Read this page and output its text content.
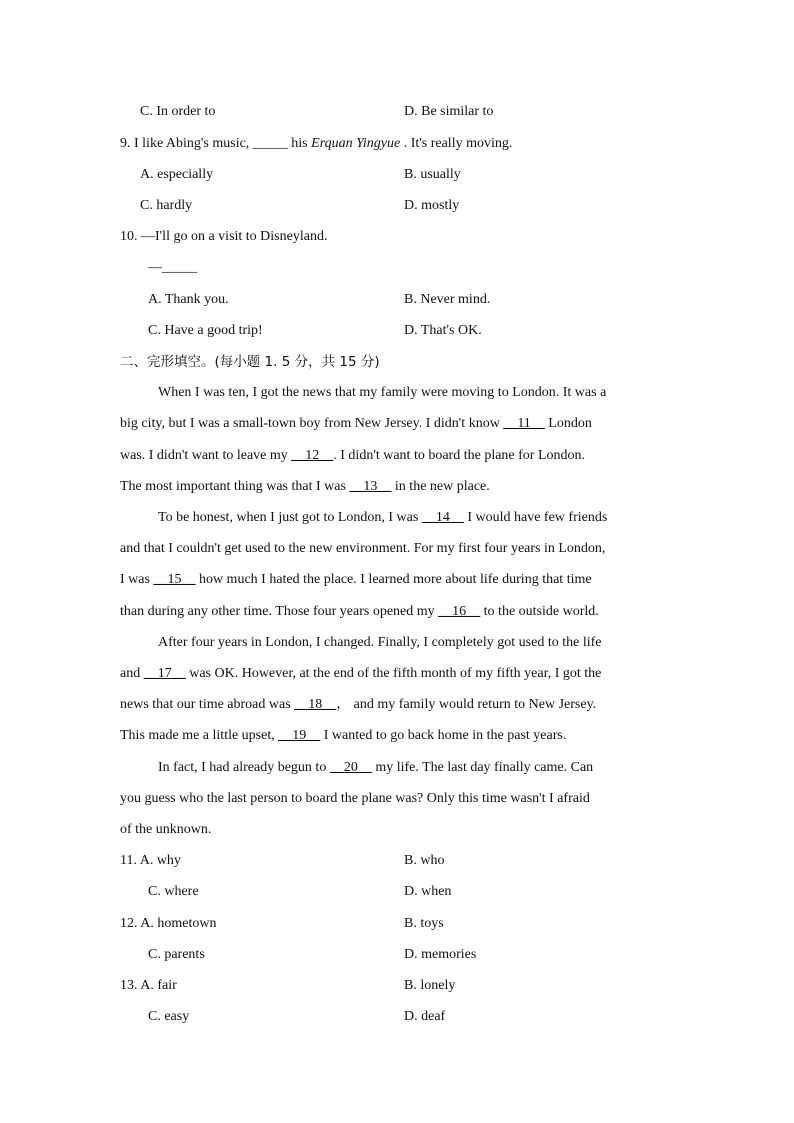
C. In order to	D. Be similar to
9. I like Abing's music, _____ his Erquan Yingyue . It's really moving.
A. especially	B. usually
C. hardly	D. mostly
10. —I'll go on a visit to Disneyland.
—_____
A. Thank you.	B. Never mind.
C. Have a good trip!	D. That's OK.
二、完形填空。(每小题 1. 5 分，共 15 分)
When I was ten, I got the news that my family were moving to London. It was a
big city, but I was a small-town boy from New Jersey. I didn't know __11__ London
was. I didn't want to leave my __12__. I didn't want to board the plane for London.
The most important thing was that I was __13__ in the new place.
To be honest, when I just got to London, I was __14__ I would have few friends
and that I couldn't get used to the new environment. For my first four years in London,
I was __15__ how much I hated the place. I learned more about life during that time
than during any other time. Those four years opened my __16__ to the outside world.
After four years in London, I changed. Finally, I completely got used to the life
and __17__ was OK. However, at the end of the fifth month of my fifth year, I got the
news that our time abroad was __18__， and my family would return to New Jersey.
This made me a little upset, __19__ I wanted to go back home in the past years.
In fact, I had already begun to __20__ my life. The last day finally came. Can
you guess who the last person to board the plane was? Only this time wasn't I afraid
of the unknown.
11. A. why	B. who
C. where	D. when
12. A. hometown	B. toys
C. parents	D. memories
13. A. fair	B. lonely
C. easy	D. deaf
